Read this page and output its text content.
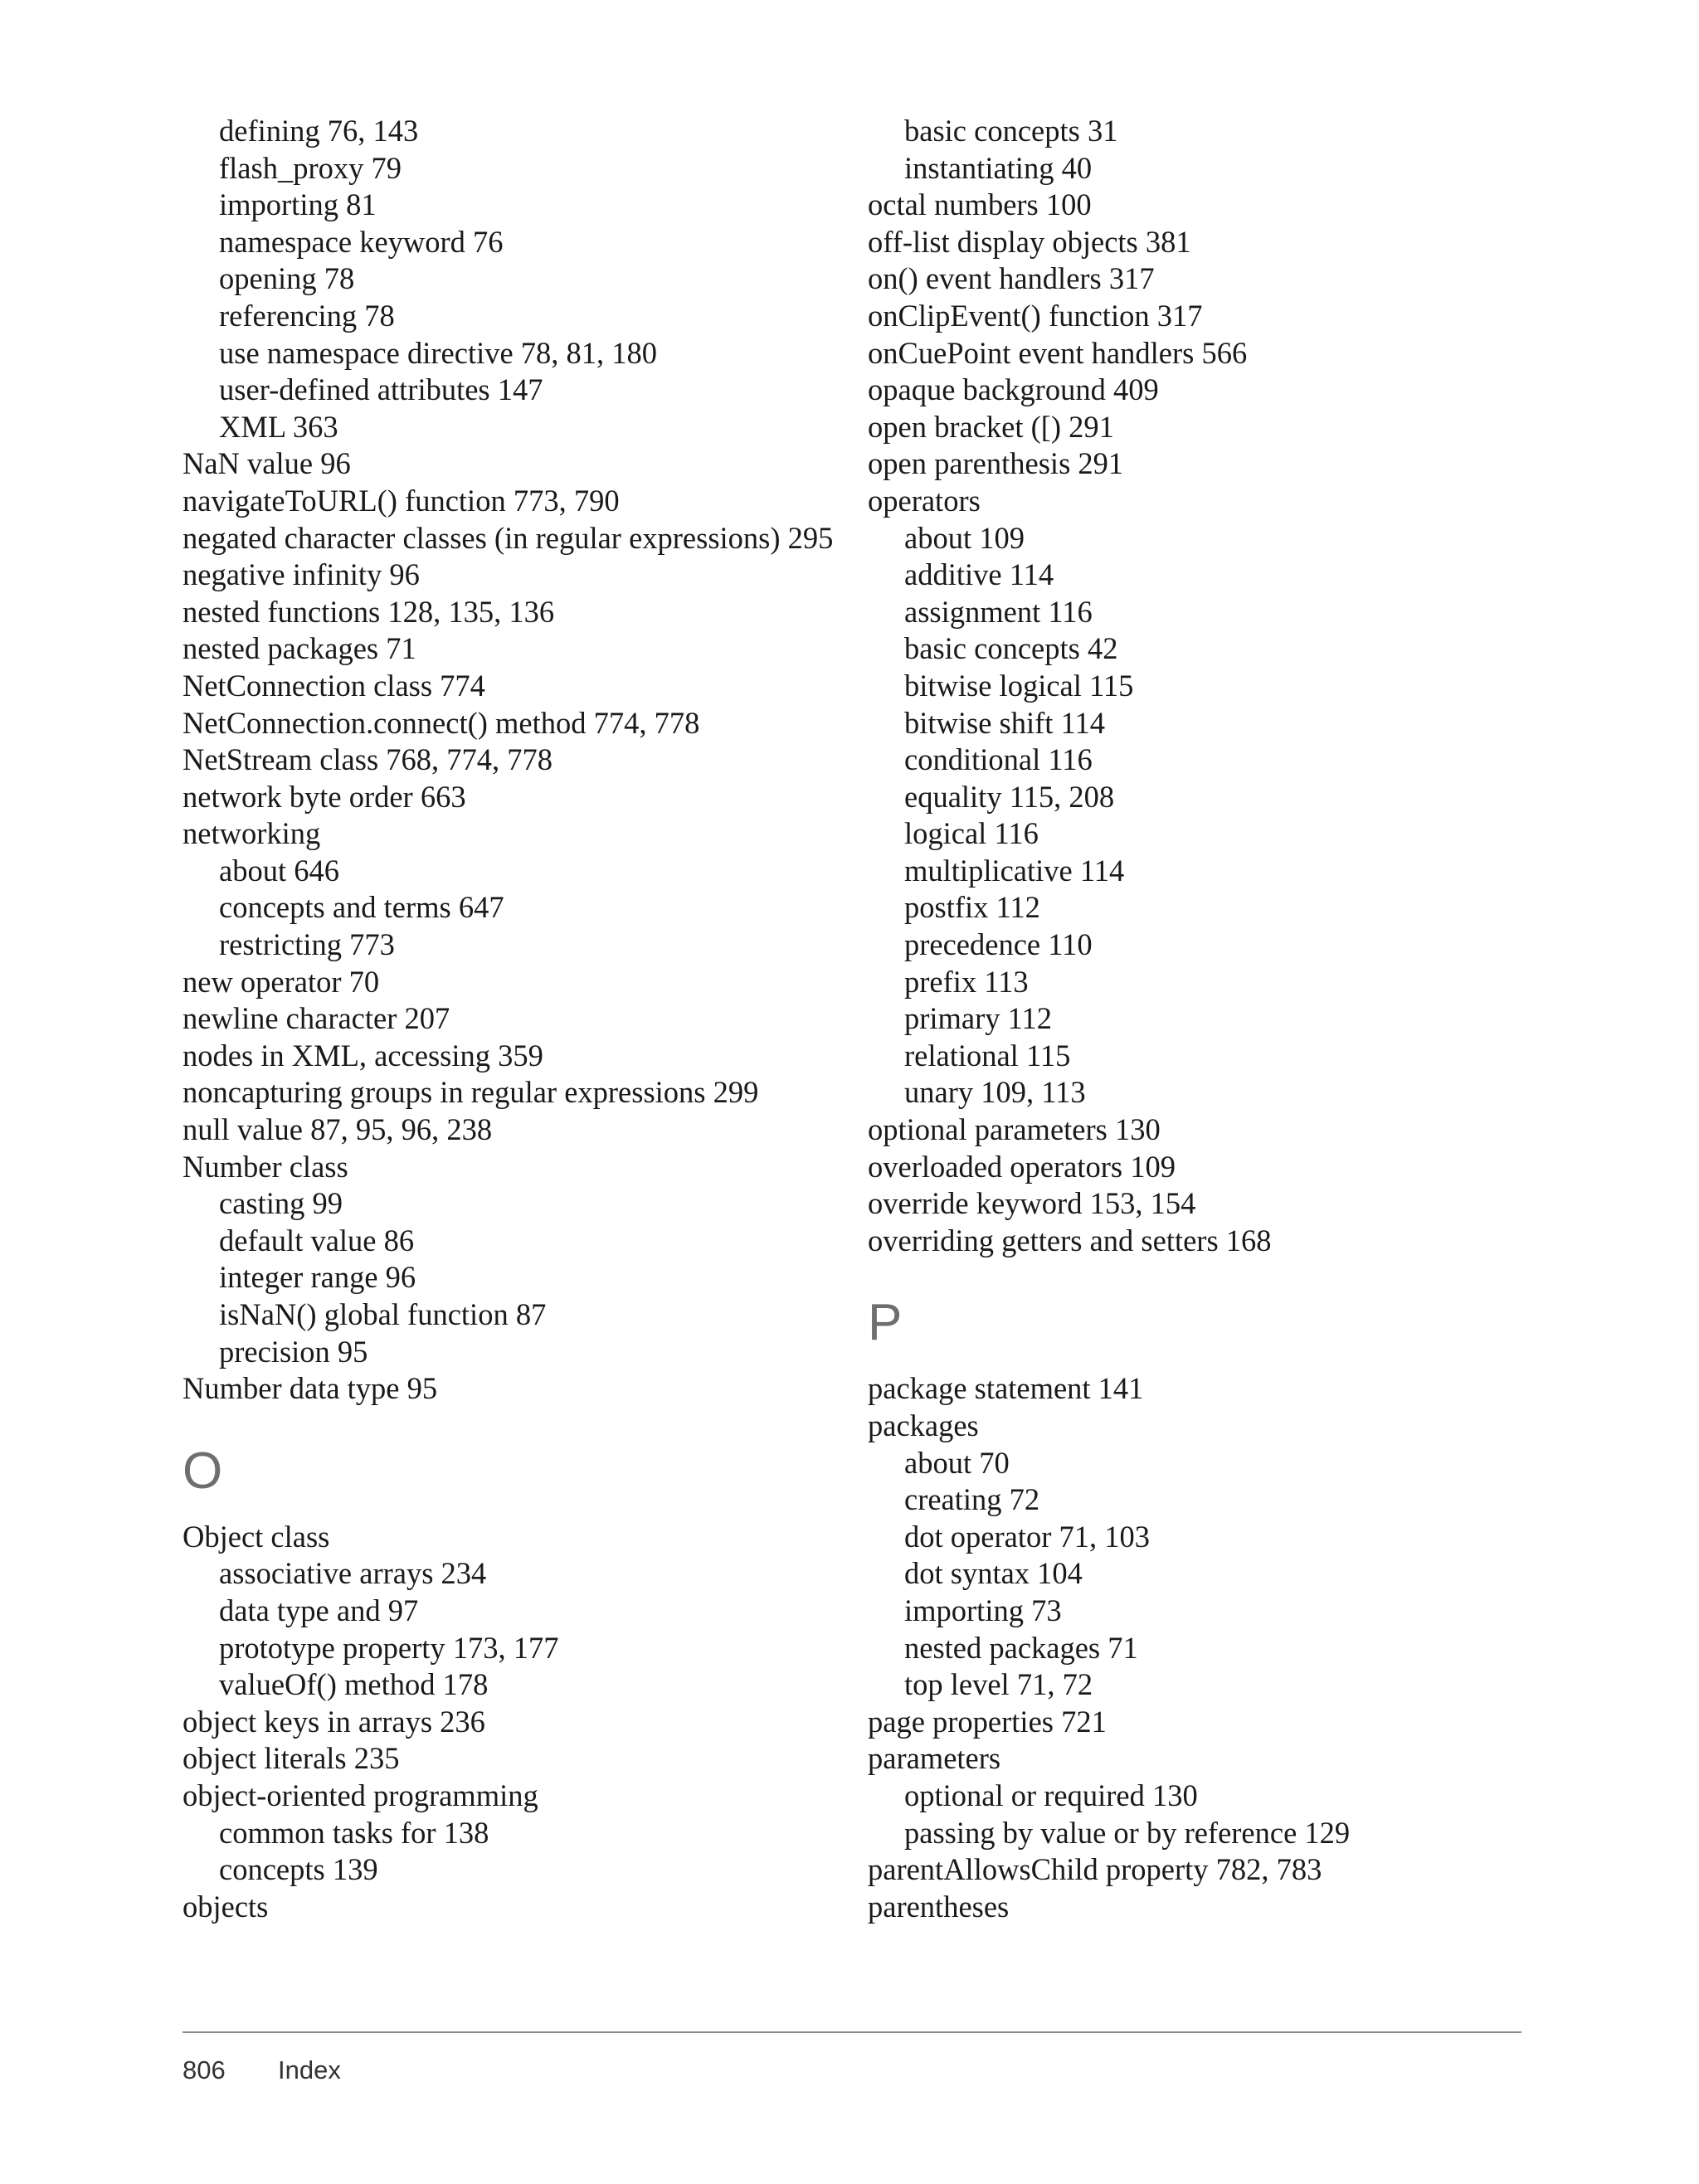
defining 76, 143
flash_proxy 79
importing 81
namespace keyword 76
opening 78
referencing 78
use namespace directive 78, 81, 180
user-defined attributes 147
XML 363
NaN value 96
navigateToURL() function 773, 790
negated character classes (in regular expressions) 295
negative infinity 96
nested functions 128, 135, 136
nested packages 71
NetConnection class 774
NetConnection.connect() method 774, 778
NetStream class 768, 774, 778
network byte order 663
networking
about 646
concepts and terms 647
restricting 773
new operator 70
newline character 207
nodes in XML, accessing 359
noncapturing groups in regular expressions 299
null value 87, 95, 96, 238
Number class
casting 99
default value 86
integer range 96
isNaN() global function 87
precision 95
Number data type 95
O
Object class
associative arrays 234
data type and 97
prototype property 173, 177
valueOf() method 178
object keys in arrays 236
object literals 235
object-oriented programming
common tasks for 138
concepts 139
objects
basic concepts 31
instantiating 40
octal numbers 100
off-list display objects 381
on() event handlers 317
onClipEvent() function 317
onCuePoint event handlers 566
opaque background 409
open bracket ([) 291
open parenthesis 291
operators
about 109
additive 114
assignment 116
basic concepts 42
bitwise logical 115
bitwise shift 114
conditional 116
equality 115, 208
logical 116
multiplicative 114
postfix 112
precedence 110
prefix 113
primary 112
relational 115
unary 109, 113
optional parameters 130
overloaded operators 109
override keyword 153, 154
overriding getters and setters 168
P
package statement 141
packages
about 70
creating 72
dot operator 71, 103
dot syntax 104
importing 73
nested packages 71
top level 71, 72
page properties 721
parameters
optional or required 130
passing by value or by reference 129
parentAllowsChild property 782, 783
parentheses
806 Index
